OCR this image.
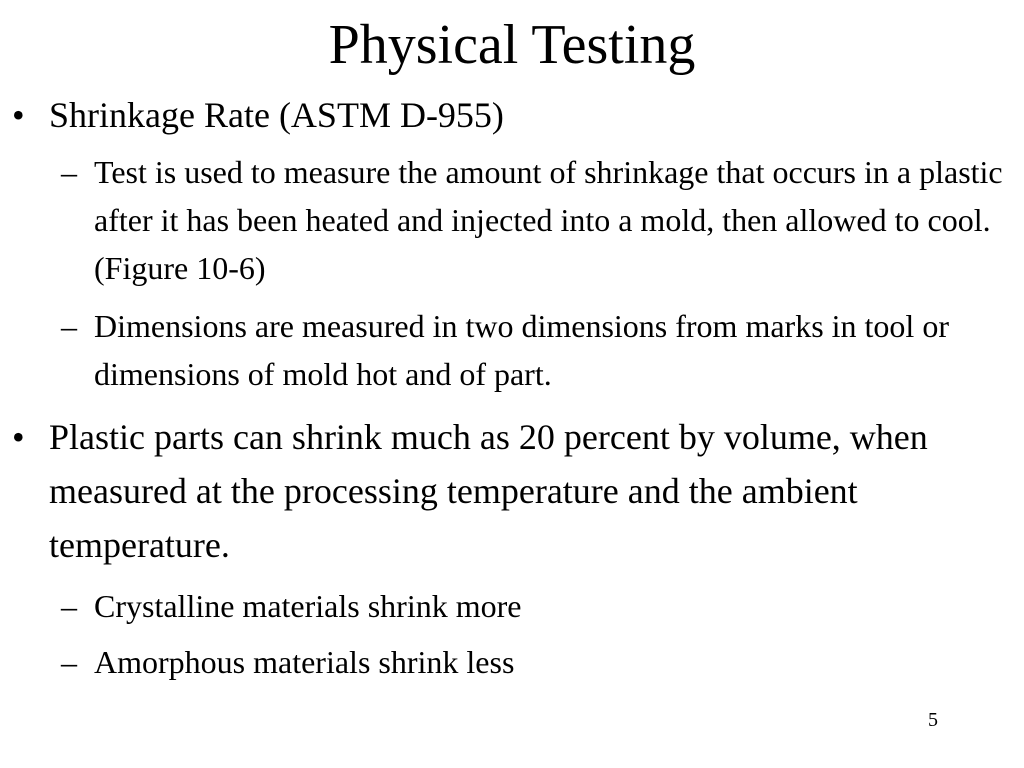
Physical Testing
• Shrinkage Rate (ASTM D-955)
– Test is used to measure the amount of shrinkage that occurs in a plastic after it has been heated and injected into a mold, then allowed to cool. (Figure 10-6)
– Dimensions are measured in two dimensions from marks in tool or dimensions of mold hot and of part.
• Plastic parts can shrink much as 20 percent by volume, when measured at the processing temperature and the ambient temperature.
– Crystalline materials shrink more
– Amorphous materials shrink less
5
